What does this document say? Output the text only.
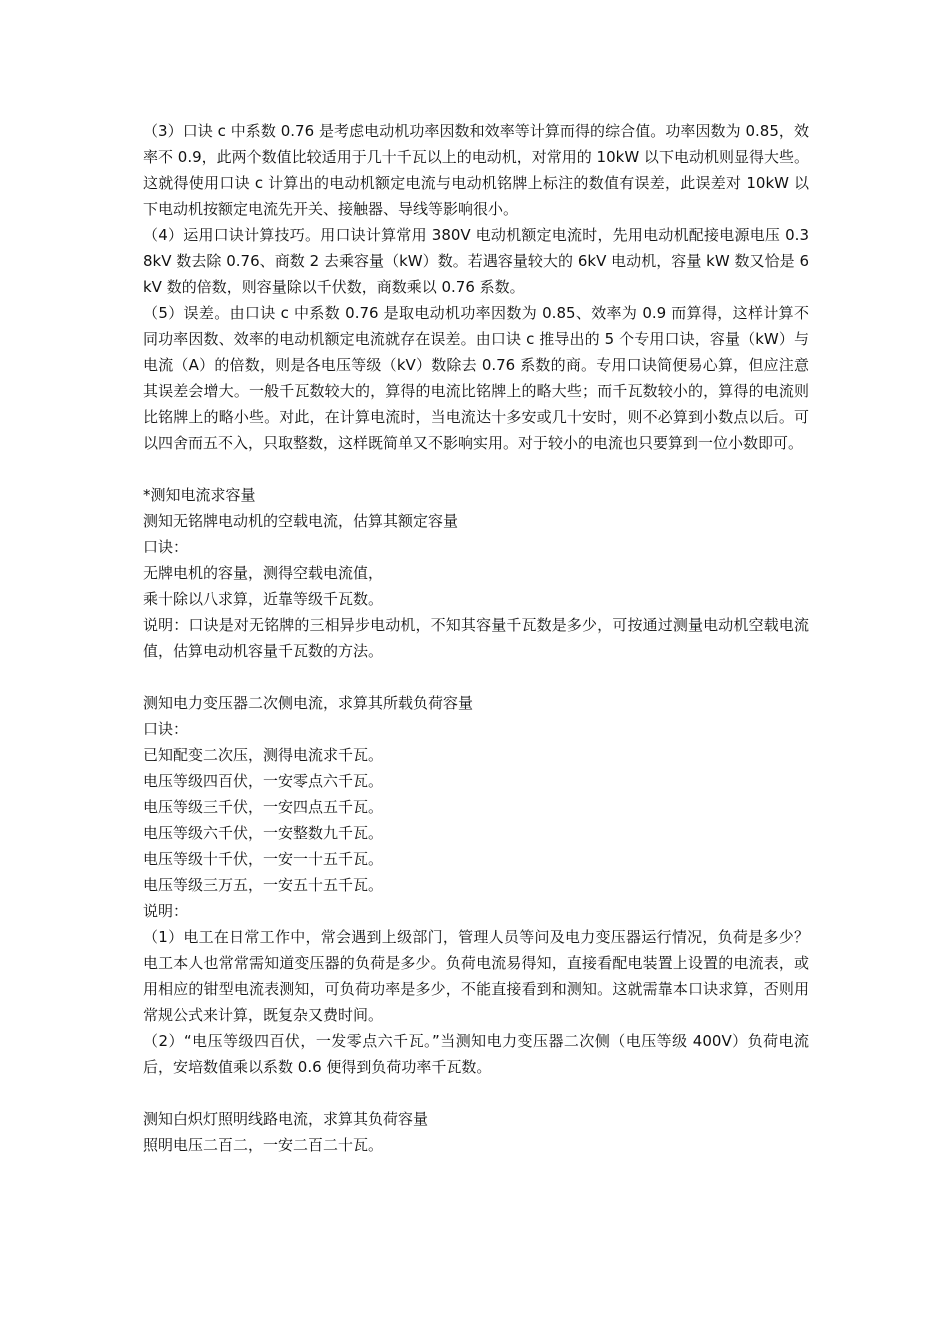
（3）口诀 c 中系数 0.76 是考虑电动机功率因数和效率等计算而得的综合值。功率因数为 0.85，效率不 0.9，此两个数值比较适用于几十千瓦以上的电动机，对常用的 10kW 以下电动机则显得大些。这就得使用口诀 c 计算出的电动机额定电流与电动机铭牌上标注的数值有误差，此误差对 10kW 以下电动机按额定电流先开关、接触器、导线等影响很小。

（4）运用口诀计算技巧。用口诀计算常用 380V 电动机额定电流时，先用电动机配接电源电压 0.38kV 数去除 0.76、商数 2 去乘容量（kW）数。若遇容量较大的 6kV 电动机，容量 kW 数又恰是 6kV 数的倍数，则容量除以千伏数，商数乘以 0.76 系数。

（5）误差。由口诀 c 中系数 0.76 是取电动机功率因数为 0.85、效率为 0.9 而算得，这样计算不同功率因数、效率的电动机额定电流就存在误差。由口诀 c 推导出的 5 个专用口诀，容量（kW）与电流（A）的倍数，则是各电压等级（kV）数除去 0.76 系数的商。专用口诀简便易心算，但应注意其误差会增大。一般千瓦数较大的，算得的电流比铭牌上的略大些；而千瓦数较小的，算得的电流则比铭牌上的略小些。对此，在计算电流时，当电流达十多安或几十安时，则不必算到小数点以后。可以四舍而五不入，只取整数，这样既简单又不影响实用。对于较小的电流也只要算到一位小数即可。

*测知电流求容量

测知无铭牌电动机的空载电流，估算其额定容量

口诀：

无牌电机的容量，测得空载电流值，

乘十除以八求算，近靠等级千瓦数。

说明：口诀是对无铭牌的三相异步电动机，不知其容量千瓦数是多少，可按通过测量电动机空载电流值，估算电动机容量千瓦数的方法。

测知电力变压器二次侧电流，求算其所载负荷容量

口诀：

已知配变二次压，测得电流求千瓦。

电压等级四百伏，一安零点六千瓦。

电压等级三千伏，一安四点五千瓦。

电压等级六千伏，一安整数九千瓦。

电压等级十千伏，一安一十五千瓦。

电压等级三万五，一安五十五千瓦。

说明：

（1）电工在日常工作中，常会遇到上级部门，管理人员等问及电力变压器运行情况，负荷是多少？电工本人也常常需知道变压器的负荷是多少。负荷电流易得知，直接看配电装置上设置的电流表，或用相应的钳型电流表测知，可负荷功率是多少，不能直接看到和测知。这就需靠本口诀求算，否则用常规公式来计算，既复杂又费时间。

（2）“电压等级四百伏，一发零点六千瓦。”当测知电力变压器二次侧（电压等级 400V）负荷电流后，安培数值乘以系数 0.6 便得到负荷功率千瓦数。

测知白炽灯照明线路电流，求算其负荷容量

照明电压二百二，一安二百二十瓦。
